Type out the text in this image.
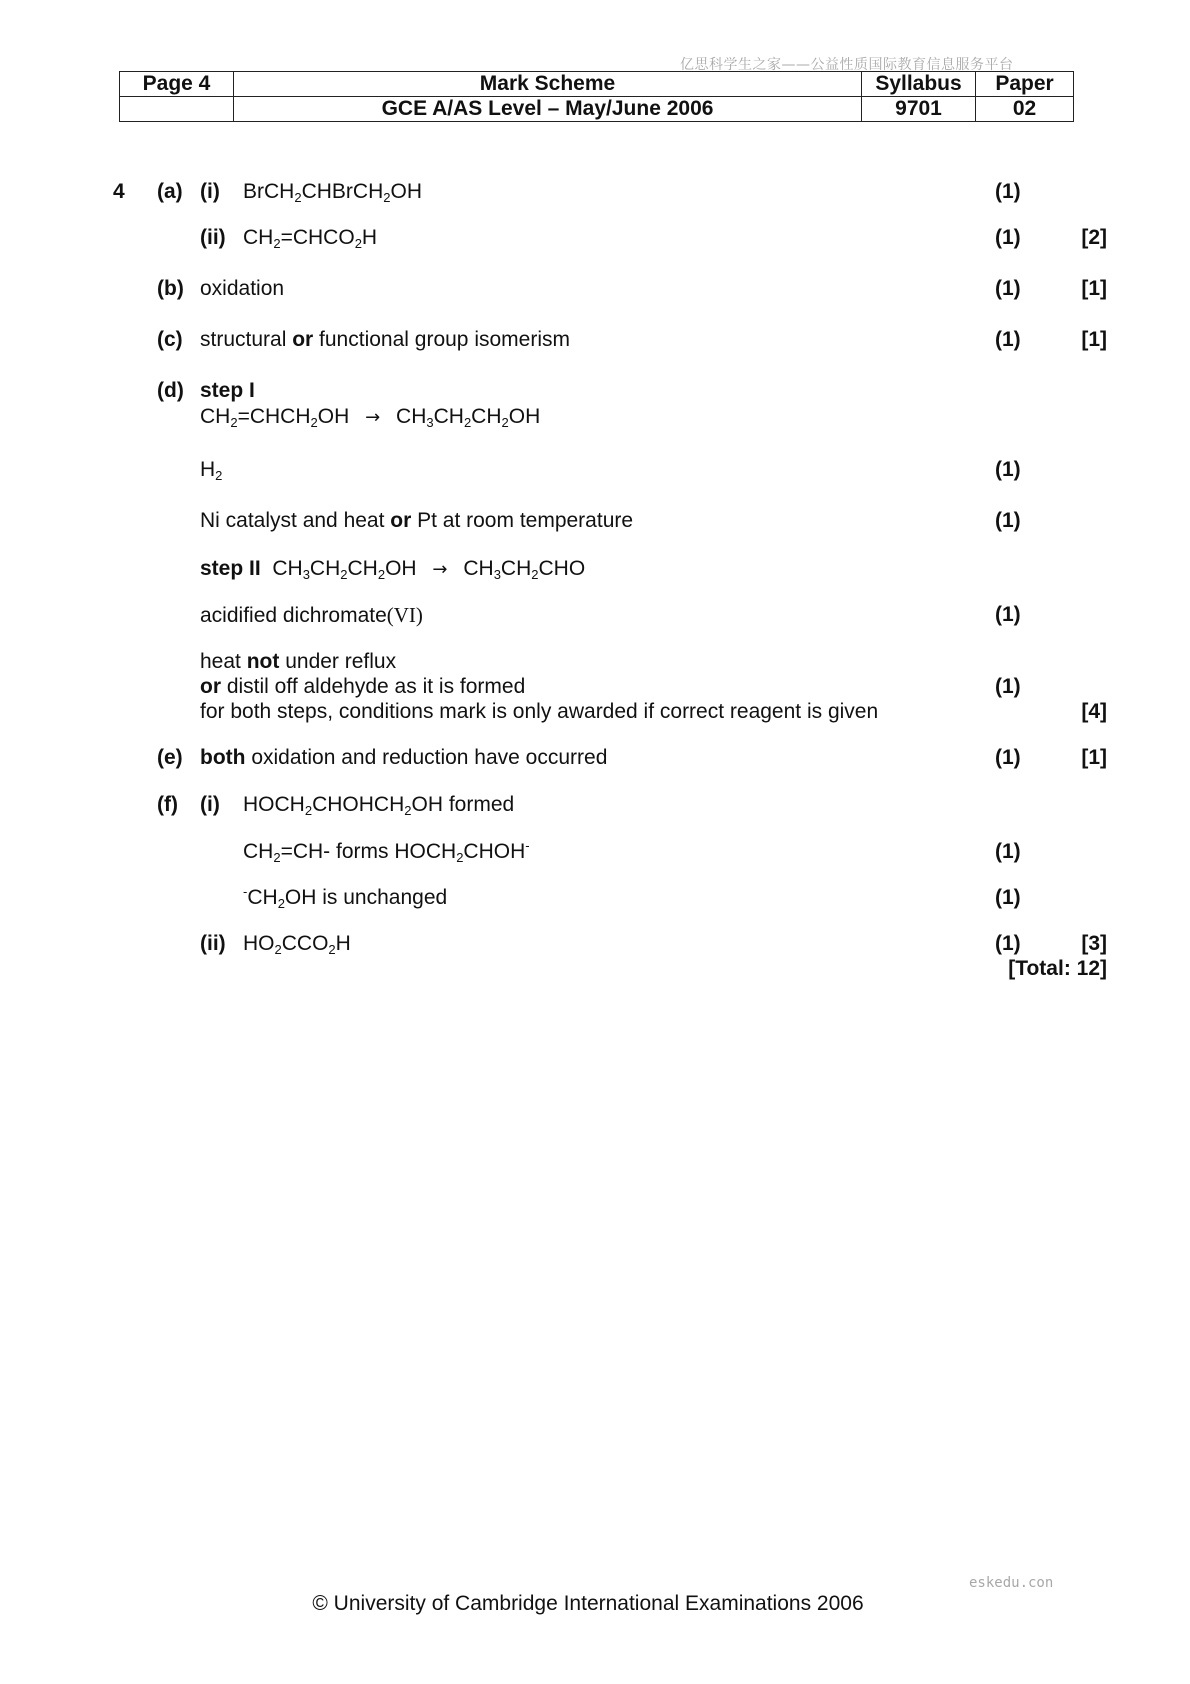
亿思科学生之家——公益性质国际教育信息服务平台
Page 4	Mark Scheme	Syllabus	Paper
	GCE A/AS Level – May/June 2006	9701	02
4 (a) (i) BrCH$_2$CHBrCH$_2$OH	(1)
(ii) $CH_2=CHCO_2H$	(1)	[2]
(b) oxidation	(1)	[1]
(c) structural or functional group isomerism	(1)	[1]
(d) step I
$CH_2=CHCH_2OH \to CH_3CH_2CH_2OH$
$H_2$	(1)
Ni catalyst and heat or Pt at room temperature	(1)
step II  $CH_3CH_2CH_2OH \to CH_3CH_2CHO$
acidified dichromate(VI)	(1)
heat not under reflux
or distil off aldehyde as it is formed	(1)
for both steps, conditions mark is only awarded if correct reagent is given	[4]
(e) both oxidation and reduction have occurred	(1)	[1]
(f) (i) $HOCH_2CHOHCH_2OH$ formed
$CH_2=CH-$ forms $HOCH_2CHOH^-$	(1)
$^-CH_2OH$ is unchanged	(1)
(ii) $HO_2CCO_2H$	(1)	[3]
[Total: 12]
eskedu.con
© University of Cambridge International Examinations 2006
